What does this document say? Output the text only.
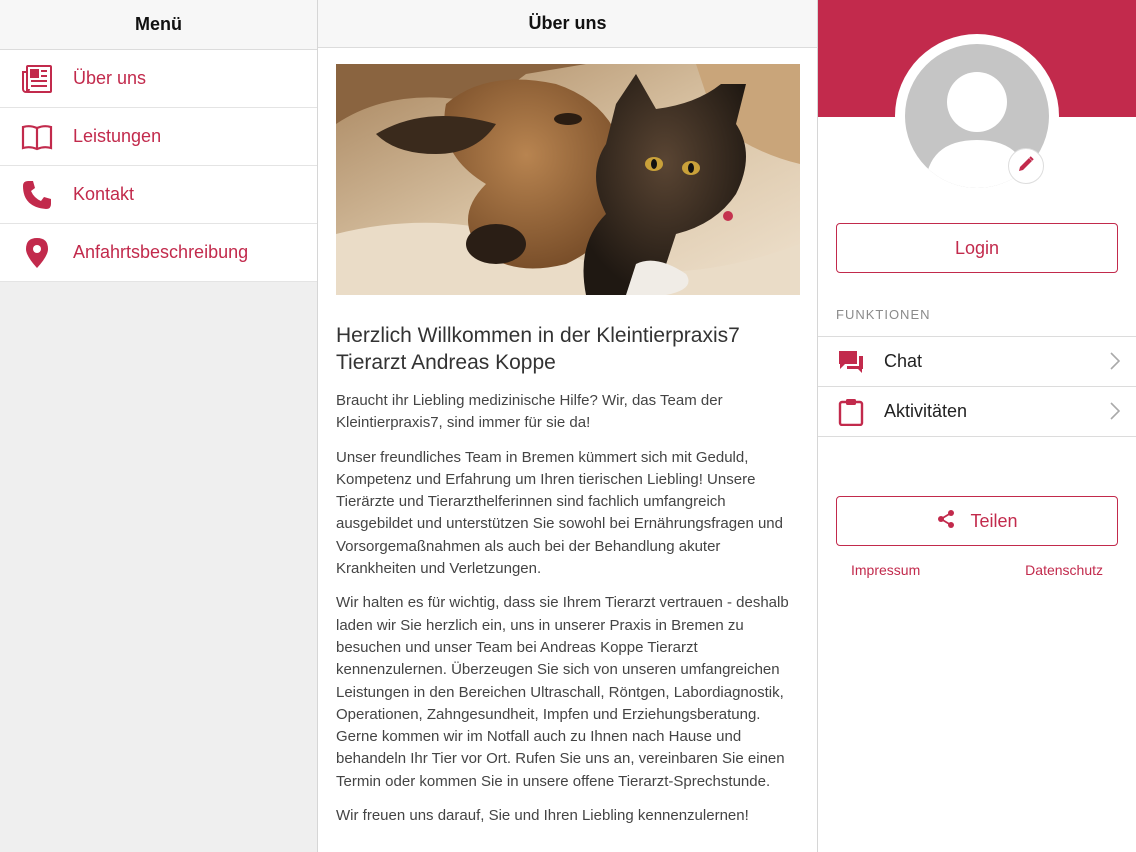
Menü
Über uns
Leistungen
Kontakt
Anfahrtsbeschreibung
Über uns
Herzlich Willkommen in der Kleintierpraxis7 Tierarzt Andreas Koppe

Braucht ihr Liebling medizinische Hilfe? Wir, das Team der Kleintierpraxis7, sind immer für sie da!

Unser freundliches Team in Bremen kümmert sich mit Geduld, Kompetenz und Erfahrung um Ihren tierischen Liebling! Unsere Tierärzte und Tierarzthelferinnen sind fachlich umfangreich ausgebildet und unterstützen Sie sowohl bei Ernährungsfragen und Vorsorgemaßnahmen als auch bei der Behandlung akuter Krankheiten und Verletzungen.

Wir halten es für wichtig, dass sie Ihrem Tierarzt vertrauen - deshalb laden wir Sie herzlich ein, uns in unserer Praxis in Bremen zu besuchen und unser Team bei Andreas Koppe Tierarzt kennenzulernen. Überzeugen Sie sich von unseren umfangreichen Leistungen in den Bereichen Ultraschall, Röntgen, Labordiagnostik, Operationen, Zahngesundheit, Impfen und Erziehungsberatung. Gerne kommen wir im Notfall auch zu Ihnen nach Hause und behandeln Ihr Tier vor Ort. Rufen Sie uns an, vereinbaren Sie einen Termin oder kommen Sie in unsere offene Tierarzt-Sprechstunde.

Wir freuen uns darauf, Sie und Ihren Liebling kennenzulernen!

Login
FUNKTIONEN
Chat
Aktivitäten
Teilen
Impressum	Datenschutz
